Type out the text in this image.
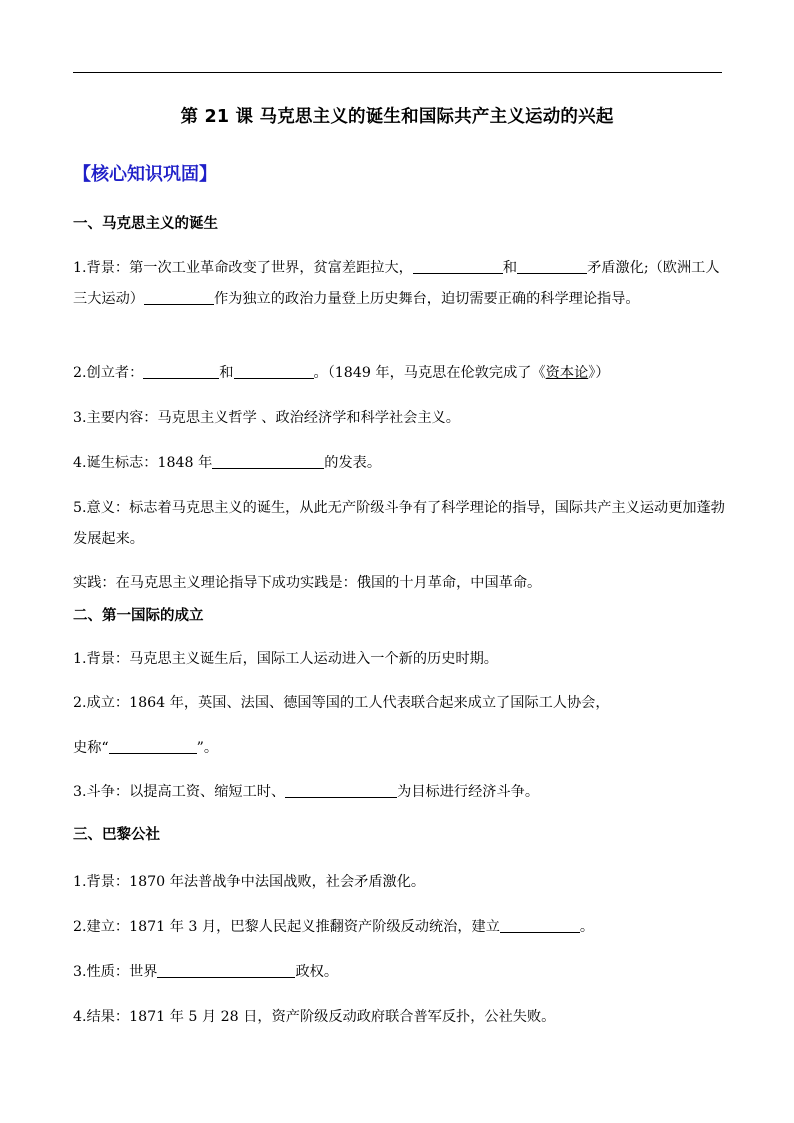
第 21 课 马克思主义的诞生和国际共产主义运动的兴起
【核心知识巩固】
一、马克思主义的诞生
1.背景：第一次工业革命改变了世界，贫富差距拉大，	和	矛盾激化;（欧洲工人三大运动）	作为独立的政治力量登上历史舞台，迫切需要正确的科学理论指导。
2.创立者：	和	。（1849 年，马克思在伦敦完成了《资本论》）
3.主要内容：马克思主义哲学 、政治经济学和科学社会主义。
4.诞生标志：1848 年	的发表。
5.意义：标志着马克思主义的诞生，从此无产阶级斗争有了科学理论的指导，国际共产主义运动更加蓬勃发展起来。
实践：在马克思主义理论指导下成功实践是：俄国的十月革命，中国革命。
二、第一国际的成立
1.背景：马克思主义诞生后，国际工人运动进入一个新的历史时期。
2.成立：1864 年，英国、法国、德国等国的工人代表联合起来成立了国际工人协会，
史称“	”。
3.斗争：以提高工资、缩短工时、	为目标进行经济斗争。
三、巴黎公社
1.背景：1870 年法普战争中法国战败，社会矛盾激化。
2.建立：1871 年 3 月，巴黎人民起义推翻资产阶级反动统治，建立	。
3.性质：世界	政权。
4.结果：1871 年 5 月 28 日，资产阶级反动政府联合普军反扑，公社失败。
